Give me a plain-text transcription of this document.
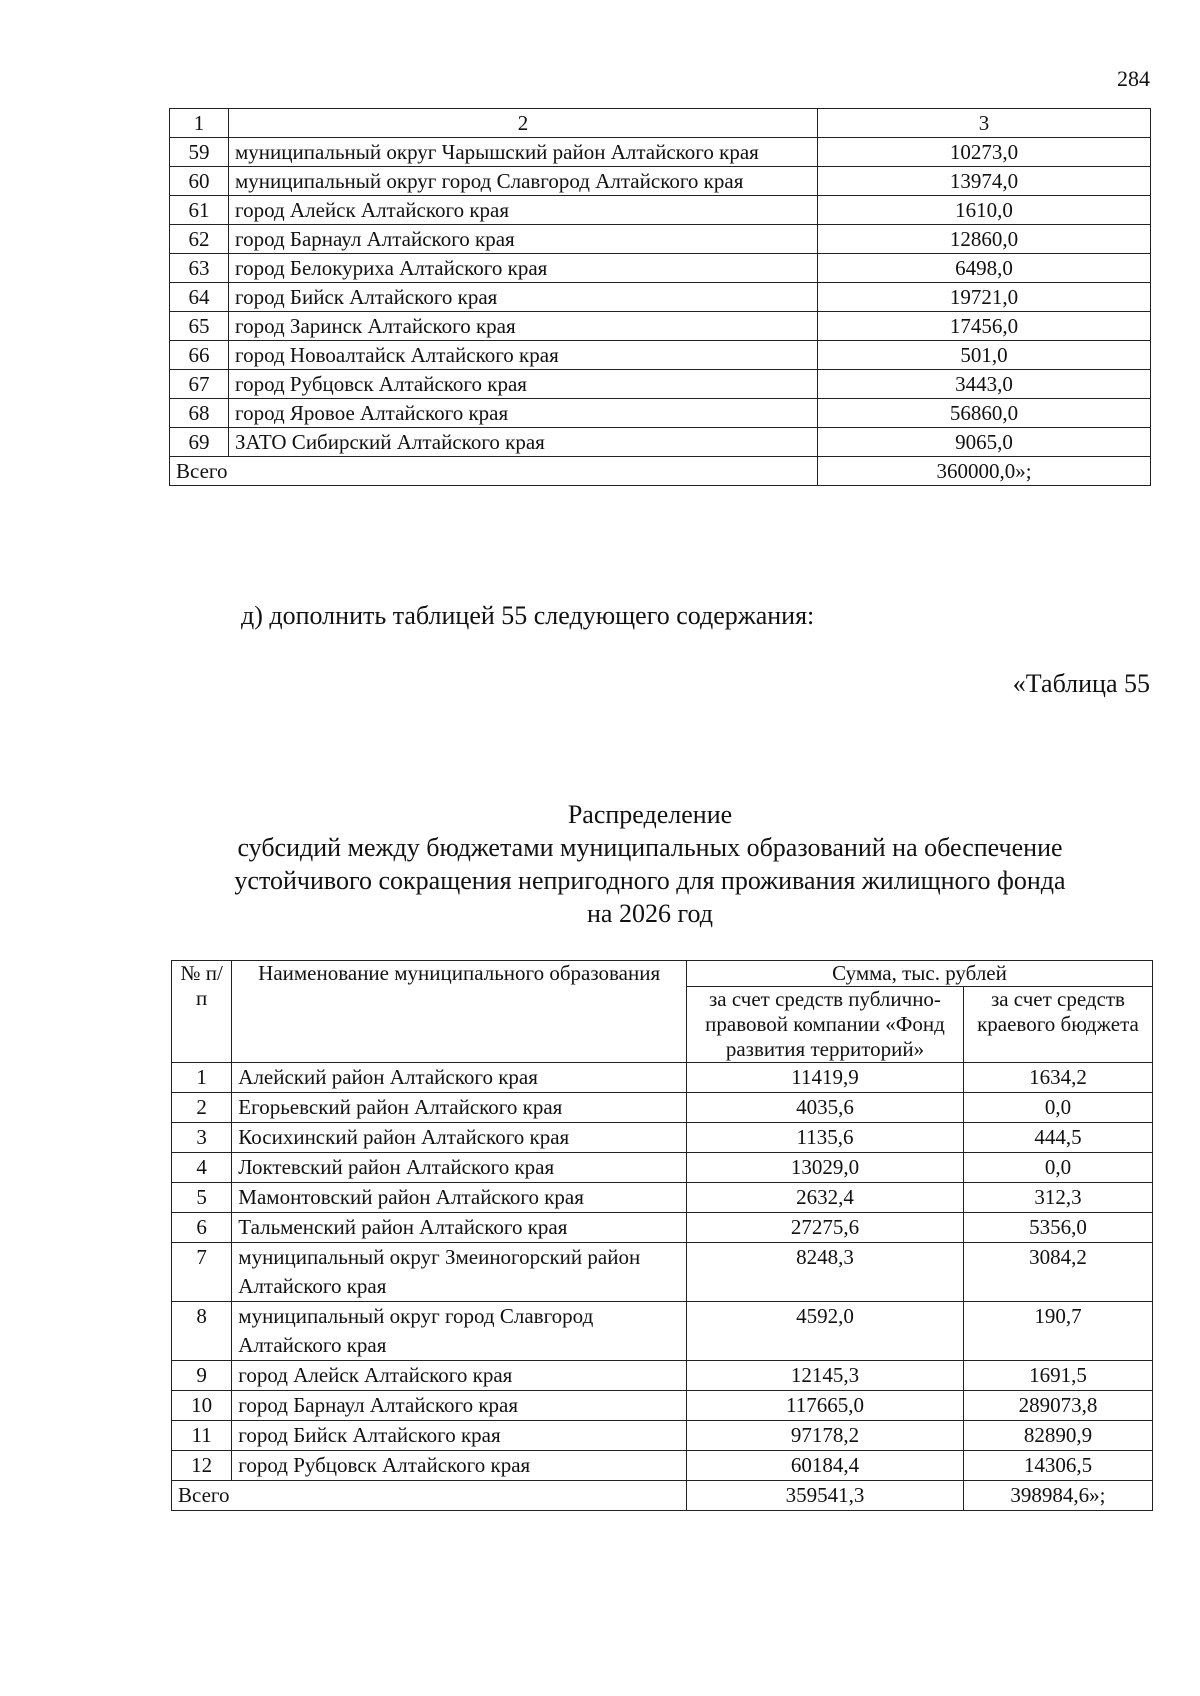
284
1	2	3
59	муниципальный округ Чарышский район Алтайского края	10273,0
60	муниципальный округ город Славгород Алтайского края	13974,0
61	город Алейск Алтайского края	1610,0
62	город Барнаул Алтайского края	12860,0
63	город Белокуриха Алтайского края	6498,0
64	город Бийск Алтайского края	19721,0
65	город Заринск Алтайского края	17456,0
66	город Новоалтайск Алтайского края	501,0
67	город Рубцовск Алтайского края	3443,0
68	город Яровое Алтайского края	56860,0
69	ЗАТО Сибирский Алтайского края	9065,0
Всего		360000,0»;
д) дополнить таблицей 55 следующего содержания:
«Таблица 55
Распределение
субсидий между бюджетами муниципальных образований на обеспечение
устойчивого сокращения непригодного для проживания жилищного фонда
на 2026 год
№ п/п	Наименование муниципального образования	Сумма, тыс. рублей	
		за счет средств публично-правовой компании «Фонд развития территорий»	за счет средств краевого бюджета
1	Алейский район Алтайского края	11419,9	1634,2
2	Егорьевский район Алтайского края	4035,6	0,0
3	Косихинский район Алтайского края	1135,6	444,5
4	Локтевский район Алтайского края	13029,0	0,0
5	Мамонтовский район Алтайского края	2632,4	312,3
6	Тальменский район Алтайского края	27275,6	5356,0
7	муниципальный округ Змеиногорский район Алтайского края	8248,3	3084,2
8	муниципальный округ город Славгород Алтайского края	4592,0	190,7
9	город Алейск Алтайского края	12145,3	1691,5
10	город Барнаул Алтайского края	117665,0	289073,8
11	город Бийск Алтайского края	97178,2	82890,9
12	город Рубцовск Алтайского края	60184,4	14306,5
Всего		359541,3	398984,6»;
